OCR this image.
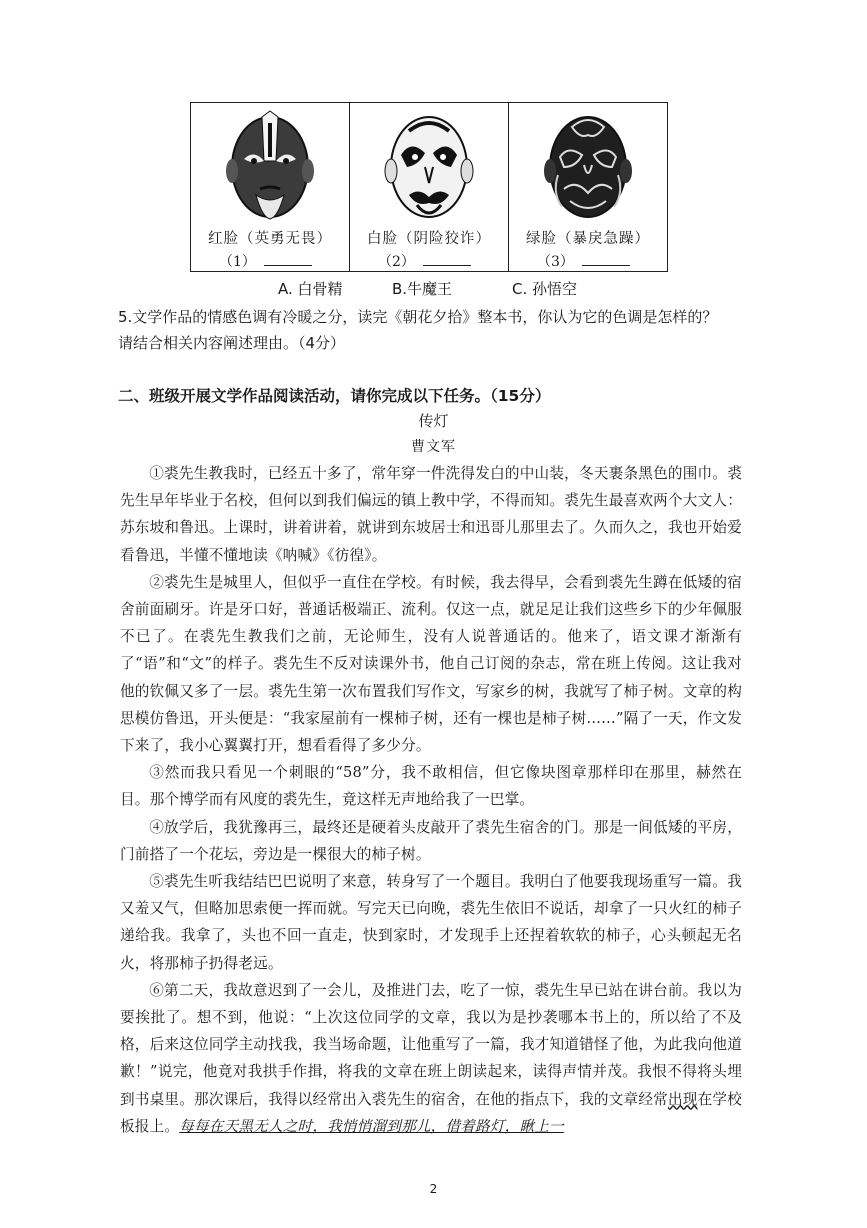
红脸（英勇无畏）
（1）
白脸（阴险狡诈）
（2）
绿脸（暴戾急躁）
（3）
A. 白骨精	B.牛魔王	C. 孙悟空
5.文学作品的情感色调有冷暖之分，读完《朝花夕拾》整本书，你认为它的色调是怎样的？
请结合相关内容阐述理由。（4分）
二、班级开展文学作品阅读活动，请你完成以下任务。（15分）
传灯
曹文军

①裘先生教我时，已经五十多了，常年穿一件洗得发白的中山装，冬天裹条黑色的围巾。裘先生早年毕业于名校，但何以到我们偏远的镇上教中学，不得而知。裘先生最喜欢两个大文人：苏东坡和鲁迅。上课时，讲着讲着，就讲到东坡居士和迅哥儿那里去了。久而久之，我也开始爱看鲁迅，半懂不懂地读《呐喊》《彷徨》。

②裘先生是城里人，但似乎一直住在学校。有时候，我去得早，会看到裘先生蹲在低矮的宿舍前面刷牙。许是牙口好，普通话极端正、流利。仅这一点，就足足让我们这些乡下的少年佩服不已了。在裘先生教我们之前，无论师生，没有人说普通话的。他来了，语文课才渐渐有了“语”和“文”的样子。裘先生不反对读课外书，他自己订阅的杂志，常在班上传阅。这让我对他的钦佩又多了一层。裘先生第一次布置我们写作文，写家乡的树，我就写了柿子树。文章的构思模仿鲁迅，开头便是：“我家屋前有一棵柿子树，还有一棵也是柿子树……”隔了一天，作文发下来了，我小心翼翼打开，想看看得了多少分。

③然而我只看见一个刺眼的“58”分，我不敢相信，但它像块图章那样印在那里，赫然在目。那个博学而有风度的裘先生，竟这样无声地给我了一巴掌。

④放学后，我犹豫再三，最终还是硬着头皮敲开了裘先生宿舍的门。那是一间低矮的平房，门前搭了一个花坛，旁边是一棵很大的柿子树。

⑤裘先生听我结结巴巴说明了来意，转身写了一个题目。我明白了他要我现场重写一篇。我又羞又气，但略加思索便一挥而就。写完天已向晚，裘先生依旧不说话，却拿了一只火红的柿子递给我。我拿了，头也不回一直走，快到家时，才发现手上还捏着软软的柿子，心头顿起无名火，将那柿子扔得老远。

⑥第二天，我故意迟到了一会儿，及推进门去，吃了一惊，裘先生早已站在讲台前。我以为要挨批了。想不到，他说：“上次这位同学的文章，我以为是抄袭哪本书上的，所以给了不及格，后来这位同学主动找我，我当场命题，让他重写了一篇，我才知道错怪了他，为此我向他道歉！”说完，他竟对我拱手作揖，将我的文章在班上朗读起来，读得声情并茂。我恨不得将头埋到书桌里。那次课后，我得以经常出入裘先生的宿舍，在他的指点下，我的文章经常出现在学校板报上。每每在天黑无人之时，我悄悄溜到那儿，借着路灯，瞅上一

2
